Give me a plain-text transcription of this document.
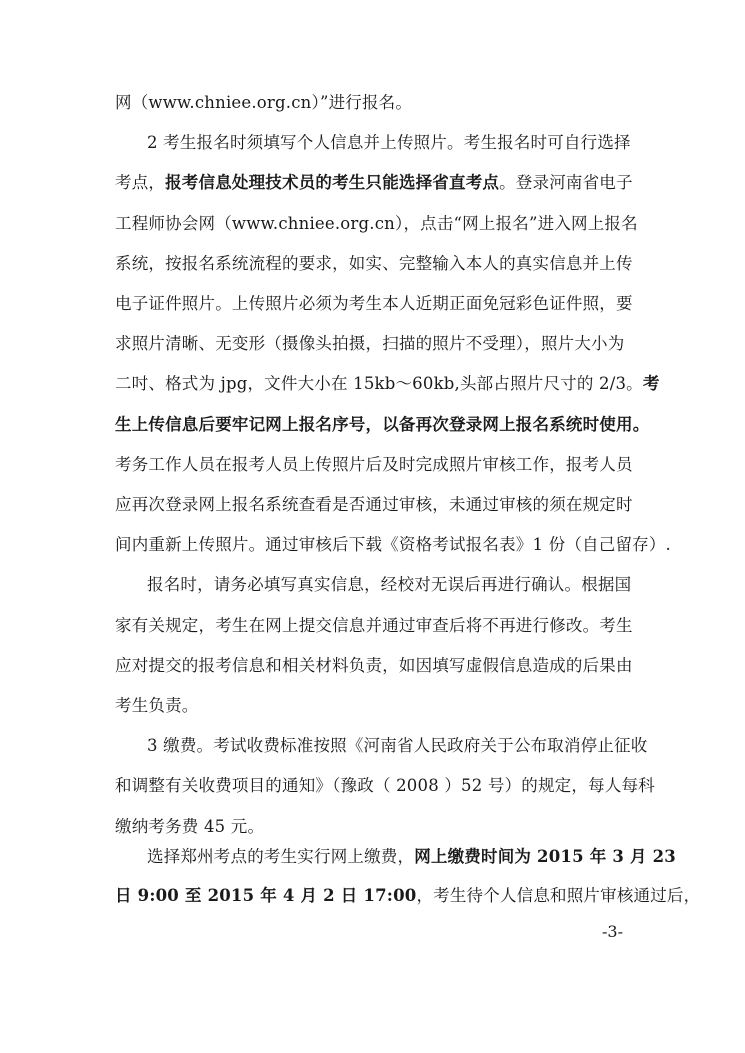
网（www.chniee.org.cn）”进行报名。
2 考生报名时须填写个人信息并上传照片。考生报名时可自行选择
考点，报考信息处理技术员的考生只能选择省直考点。登录河南省电子
工程师协会网（www.chniee.org.cn），点击“网上报名”进入网上报名
系统，按报名系统流程的要求，如实、完整输入本人的真实信息并上传
电子证件照片。上传照片必须为考生本人近期正面免冠彩色证件照，要
求照片清晰、无变形（摄像头拍摄，扫描的照片不受理），照片大小为
二吋、格式为 jpg，文件大小在 15kb～60kb,头部占照片尺寸的 2/3。考
生上传信息后要牢记网上报名序号，以备再次登录网上报名系统时使用。
考务工作人员在报考人员上传照片后及时完成照片审核工作，报考人员
应再次登录网上报名系统查看是否通过审核，未通过审核的须在规定时
间内重新上传照片。通过审核后下载《资格考试报名表》1 份（自己留存）.
报名时，请务必填写真实信息，经校对无误后再进行确认。根据国
家有关规定，考生在网上提交信息并通过审查后将不再进行修改。考生
应对提交的报考信息和相关材料负责，如因填写虚假信息造成的后果由
考生负责。
3 缴费。考试收费标准按照《河南省人民政府关于公布取消停止征收
和调整有关收费项目的通知》（豫政（ 2008 ）52 号）的规定，每人每科
缴纳考务费 45 元。
选择郑州考点的考生实行网上缴费，网上缴费时间为 2015 年 3 月 23
日 9:00 至 2015 年 4 月 2 日 17:00，考生待个人信息和照片审核通过后，
-3-
